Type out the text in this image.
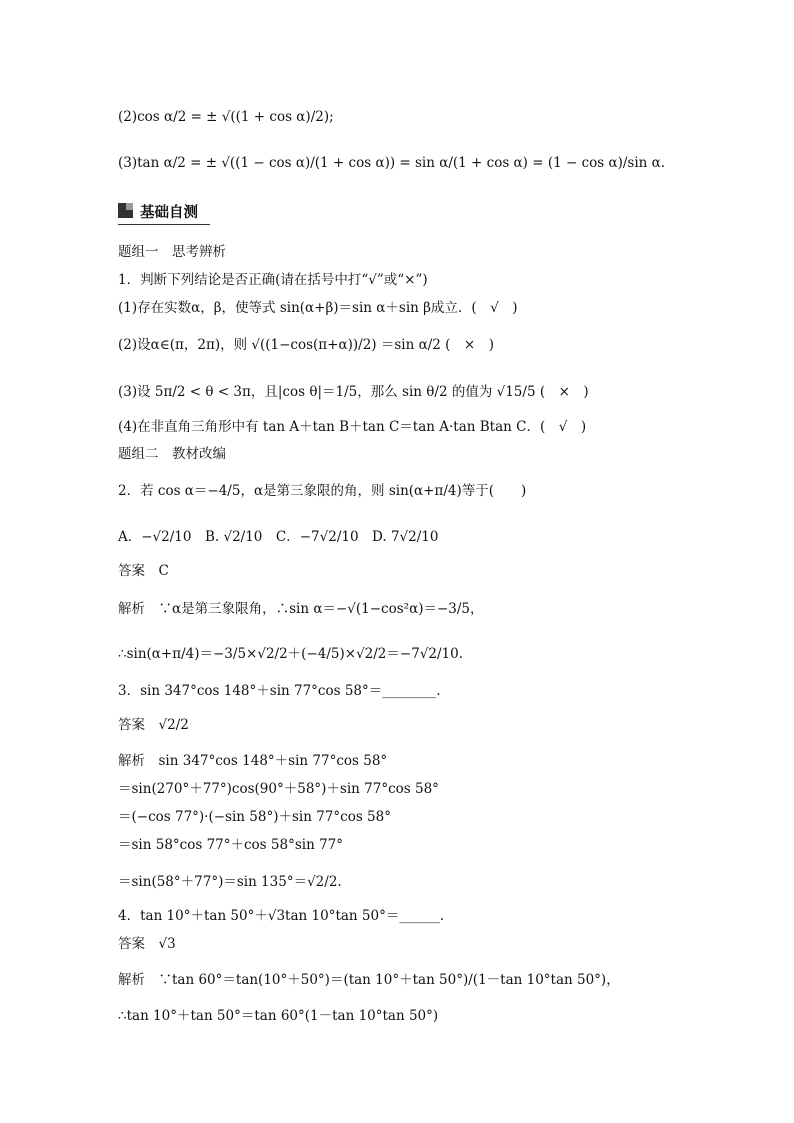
(2)cos α/2 = ± √((1 + cos α)/2);
(3)tan α/2 = ± √((1 − cos α)/(1 + cos α)) = sin α/(1 + cos α) = (1 − cos α)/sin α.
基础自测
题组一　思考辨析
1．判断下列结论是否正确(请在括号中打“√”或“×”)
(1)存在实数α，β，使等式 sin(α+β)＝sin α＋sin β成立．(　√　)
(2)设α∈(π，2π)，则 √((1−cos(π+α))/2) ＝sin α/2 (　×　)
(3)设 5π/2 < θ < 3π，且|cos θ|＝1/5，那么 sin θ/2 的值为 √15/5 (　×　)
(4)在非直角三角形中有 tan A＋tan B＋tan C＝tan A·tan Btan C．(　√　)
题组二　教材改编
2．若 cos α＝−4/5，α是第三象限的角，则 sin(α+π/4)等于(　　)
A．−√2/10　B. √2/10　C．−7√2/10　D. 7√2/10
答案　C
解析　∵α是第三象限角，∴sin α＝−√(1−cos²α)＝−3/5，
∴sin(α+π/4)＝−3/5×√2/2＋(−4/5)×√2/2＝−7√2/10.
3．sin 347°cos 148°＋sin 77°cos 58°＝________.
答案　√2/2
解析　sin 347°cos 148°＋sin 77°cos 58°
＝sin(270°＋77°)cos(90°＋58°)＋sin 77°cos 58°
＝(−cos 77°)·(−sin 58°)＋sin 77°cos 58°
＝sin 58°cos 77°＋cos 58°sin 77°
＝sin(58°＋77°)＝sin 135°＝√2/2.
4．tan 10°＋tan 50°＋√3tan 10°tan 50°＝______.
答案　√3
解析　∵tan 60°＝tan(10°＋50°)＝(tan 10°＋tan 50°)/(1－tan 10°tan 50°)，
∴tan 10°＋tan 50°＝tan 60°(1－tan 10°tan 50°)
